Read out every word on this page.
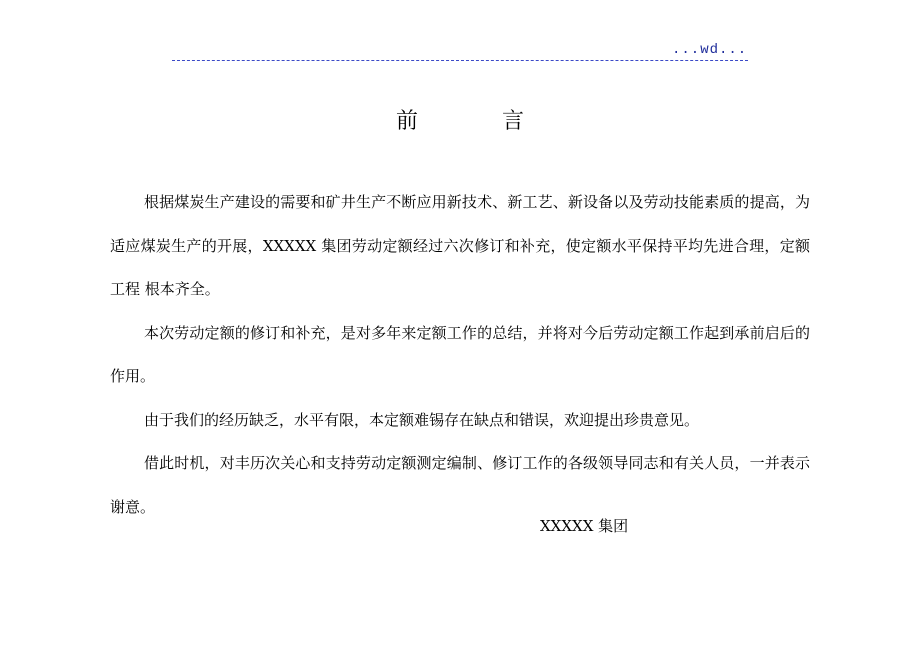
...wd...
前	言

根据煤炭生产建设的需要和矿井生产不断应用新技术、新工艺、新设备以及劳动技能素质的提高，为适应煤炭生产的开展，XXXXX 集团劳动定额经过六次修订和补充，使定额水平保持平均先进合理，定额工程 根本齐全。

本次劳动定额的修订和补充，是对多年来定额工作的总结，并将对今后劳动定额工作起到承前启后的作用。

由于我们的经历缺乏，水平有限，本定额难锡存在缺点和错误，欢迎提出珍贵意见。

借此时机，对丰历次关心和支持劳动定额测定编制、修订工作的各级领导同志和有关人员，一并表示谢意。

XXXXX 集团
